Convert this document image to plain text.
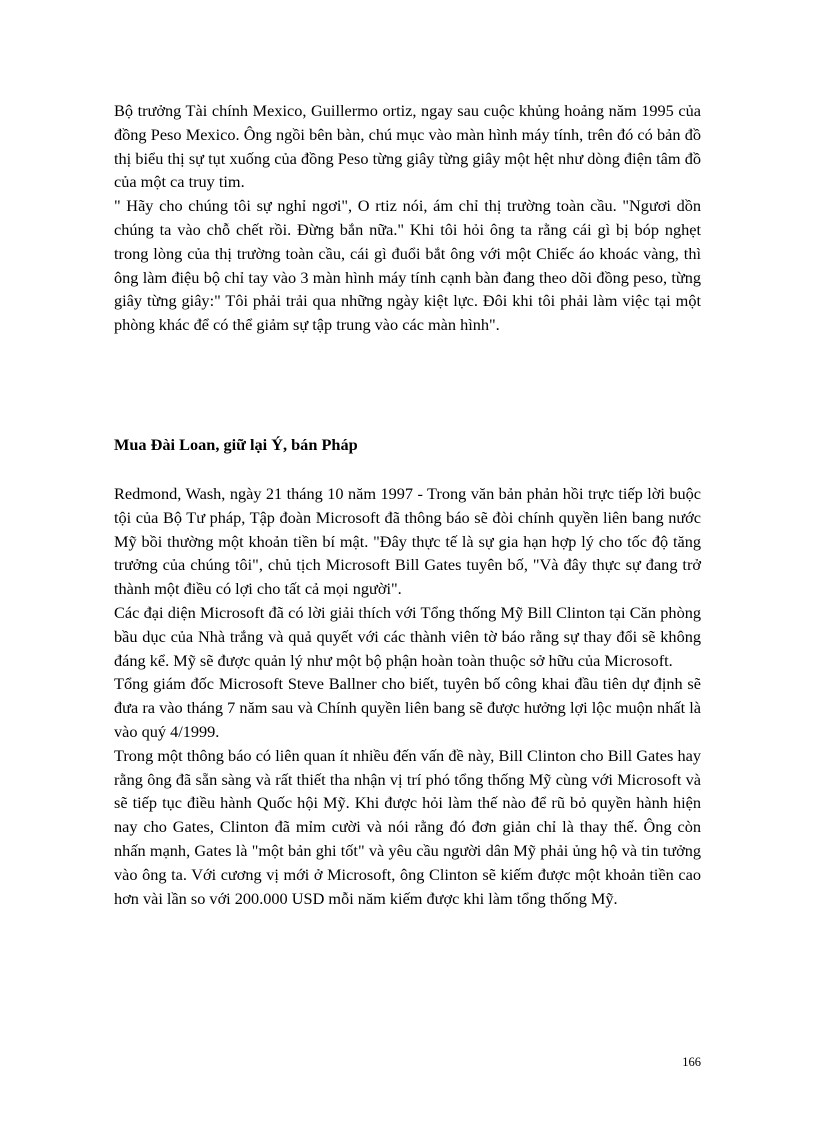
Bộ trưởng Tài chính Mexico, Guillermo ortiz, ngay sau cuộc khủng hoảng năm 1995 của đồng Peso Mexico. Ông ngồi bên bàn, chú mục vào màn hình máy tính, trên đó có bản đồ thị biểu thị sự tụt xuống của đồng Peso từng giây từng giây một hệt như dòng điện tâm đồ của một ca truy tim.

" Hãy cho chúng tôi sự nghỉ ngơi", O rtiz nói, ám chỉ thị trường toàn cầu. "Ngươi dồn chúng ta vào chỗ chết rồi. Đừng bắn nữa." Khi tôi hỏi ông ta rằng cái gì bị bóp nghẹt trong lòng của thị trường toàn cầu, cái gì đuổi bắt ông với một Chiếc áo khoác vàng, thì ông làm điệu bộ chỉ tay vào 3 màn hình máy tính cạnh bàn đang theo dõi đồng peso, từng giây từng giây:" Tôi phải trải qua những ngày kiệt lực. Đôi khi tôi phải làm việc tại một phòng khác để có thể giảm sự tập trung vào các màn hình".

Mua Đài Loan, giữ lại Ý, bán Pháp

Redmond, Wash, ngày 21 tháng 10 năm 1997 - Trong văn bản phản hồi trực tiếp lời buộc tội của Bộ Tư pháp, Tập đoàn Microsoft đã thông báo sẽ đòi chính quyền liên bang nước Mỹ bồi thường một khoản tiền bí mật. "Đây thực tế là sự gia hạn hợp lý cho tốc độ tăng trưởng của chúng tôi", chủ tịch Microsoft Bill Gates tuyên bố, "Và đây thực sự đang trở thành một điều có lợi cho tất cả mọi người".

Các đại diện Microsoft đã có lời giải thích với Tổng thống Mỹ Bill Clinton tại Căn phòng bầu dục của Nhà trắng và quả quyết với các thành viên tờ báo rằng sự thay đổi sẽ không đáng kể. Mỹ sẽ được quản lý như một bộ phận hoàn toàn thuộc sở hữu của Microsoft.

Tổng giám đốc Microsoft Steve Ballner cho biết, tuyên bố công khai đầu tiên dự định sẽ đưa ra vào tháng 7 năm sau và Chính quyền liên bang sẽ được hưởng lợi lộc muộn nhất là vào quý 4/1999.

Trong một thông báo có liên quan ít nhiều đến vấn đề này, Bill Clinton cho Bill Gates hay rằng ông đã sẵn sàng và rất thiết tha nhận vị trí phó tổng thống Mỹ cùng với Microsoft và sẽ tiếp tục điều hành Quốc hội Mỹ. Khi được hỏi làm thế nào để rũ bỏ quyền hành hiện nay cho Gates, Clinton đã mỉm cười và nói rằng đó đơn giản chỉ là thay thế. Ông còn nhấn mạnh, Gates là "một bản ghi tốt" và yêu cầu người dân Mỹ phải ủng hộ và tin tưởng vào ông ta. Với cương vị mới ở Microsoft, ông Clinton sẽ kiếm được một khoản tiền cao hơn vài lần so với 200.000 USD mỗi năm kiếm được khi làm tổng thống Mỹ.

166
